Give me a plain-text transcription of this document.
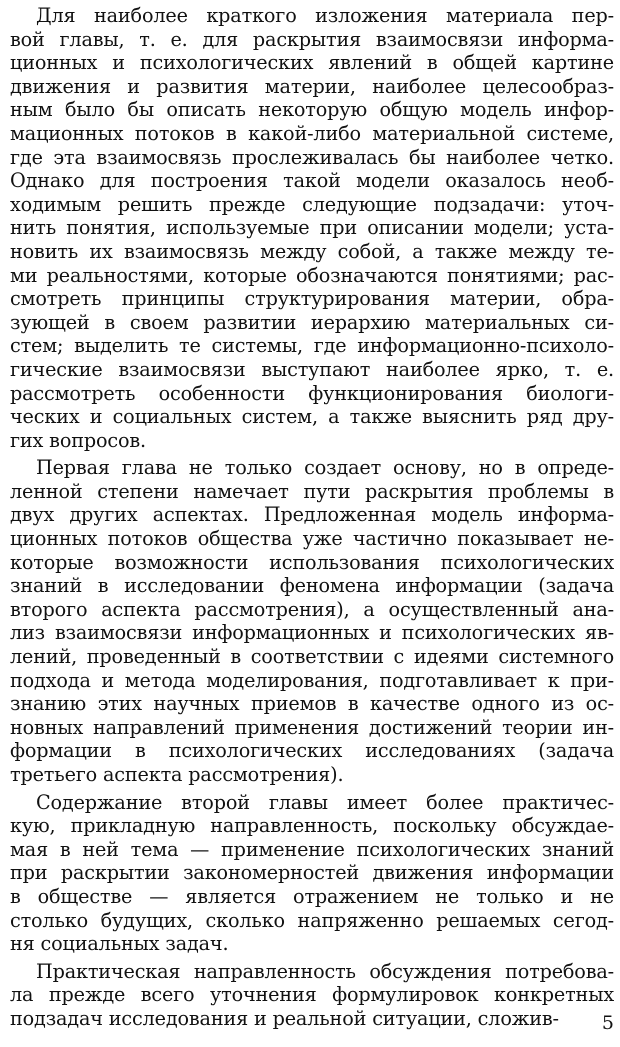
Для наиболее краткого изложения материала пер-
вой главы, т. е. для раскрытия взаимосвязи информа-
ционных и психологических явлений в общей картине
движения и развития материи, наиболее целесообраз-
ным было бы описать некоторую общую модель инфор-
мационных потоков в какой-либо материальной системе,
где эта взаимосвязь прослеживалась бы наиболее четко.
Однако для построения такой модели оказалось необ-
ходимым решить прежде следующие подзадачи: уточ-
нить понятия, используемые при описании модели; уста-
новить их взаимосвязь между собой, а также между те-
ми реальностями, которые обозначаются понятиями; рас-
смотреть принципы структурирования материи, обра-
зующей в своем развитии иерархию материальных си-
стем; выделить те системы, где информационно-психоло-
гические взаимосвязи выступают наиболее ярко, т. е.
рассмотреть особенности функционирования биологи-
ческих и социальных систем, а также выяснить ряд дру-
гих вопросов.

Первая глава не только создает основу, но в опреде-
ленной степени намечает пути раскрытия проблемы в
двух других аспектах. Предложенная модель информа-
ционных потоков общества уже частично показывает не-
которые возможности использования психологических
знаний в исследовании феномена информации (задача
второго аспекта рассмотрения), а осуществленный ана-
лиз взаимосвязи информационных и психологических яв-
лений, проведенный в соответствии с идеями системного
подхода и метода моделирования, подготавливает к при-
знанию этих научных приемов в качестве одного из ос-
новных направлений применения достижений теории ин-
формации в психологических исследованиях (задача
третьего аспекта рассмотрения).

Содержание второй главы имеет более практичес-
кую, прикладную направленность, поскольку обсуждае-
мая в ней тема — применение психологических знаний
при раскрытии закономерностей движения информации
в обществе — является отражением не только и не
столько будущих, сколько напряженно решаемых сегод-
ня социальных задач.

Практическая направленность обсуждения потребова-
ла прежде всего уточнения формулировок конкретных
подзадач исследования и реальной ситуации, сложив-	5
